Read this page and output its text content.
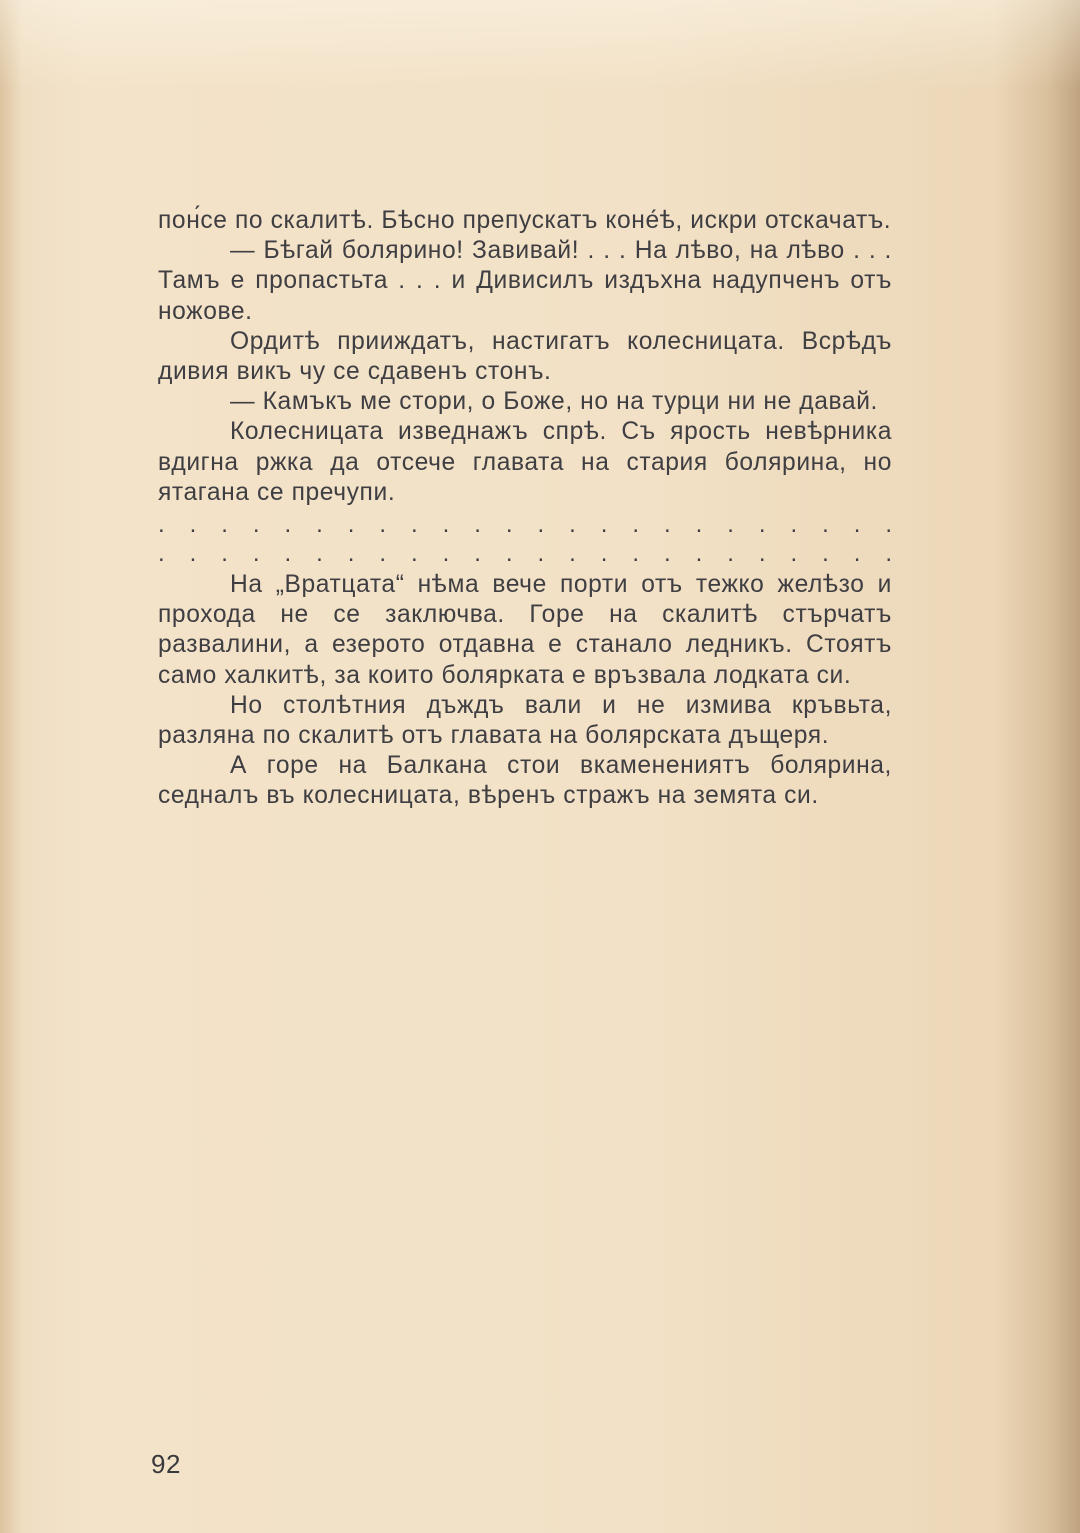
пон́се по скалитѣ. Бѣсно препускатъ коне́ѣ, искри отскачатъ.

— Бѣгай болярино! Завивай! . . . На лѣво, на лѣво . . . Тамъ е пропастьта . . . и Дивисилъ издъхна надупченъ отъ ножове.

Ордитѣ прииждатъ, настигатъ колесницата. Всрѣдъ дивия викъ чу се сдавенъ стонъ.

— Камъкъ ме стори, о Боже, но на турци ни не давай.

Колесницата изведнажъ спрѣ. Съ ярость невѣрника вдигна ржка да отсече главата на стария болярина, но ятагана се пречупи.

. . . . . . . . . . . . . . . . . . . . . . . .
. . . . . . . . . . . . . . . . . . . . . . . .

На „Вратцата“ нѣма вече порти отъ тежко желѣзо и прохода не се заключва. Горе на скалитѣ стърчатъ развалини, а езерото отдавна е станало ледникъ. Стоятъ само халкитѣ, за които болярката е връзвала лодката си.

Но столѣтния дъждъ вали и не измива кръвьта, разляна по скалитѣ отъ главата на болярската дъщеря.

А горе на Балкана стои вкаменениятъ болярина, седналъ въ колесницата, вѣренъ стражъ на земята си.

92
